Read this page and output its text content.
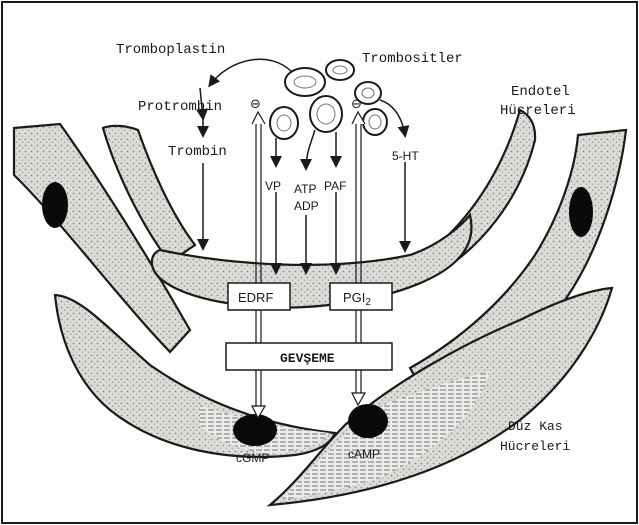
Tromboplastin
Trombositler
Protrombin
Trombin
Endotel
Hücreleri
VP ATP
ADP
PAF
5-HT
⊖	⊖
EDRF	$PGI_2$
GEVŞEME
Düz Kas
Hücreleri
cGMP	cAMP
